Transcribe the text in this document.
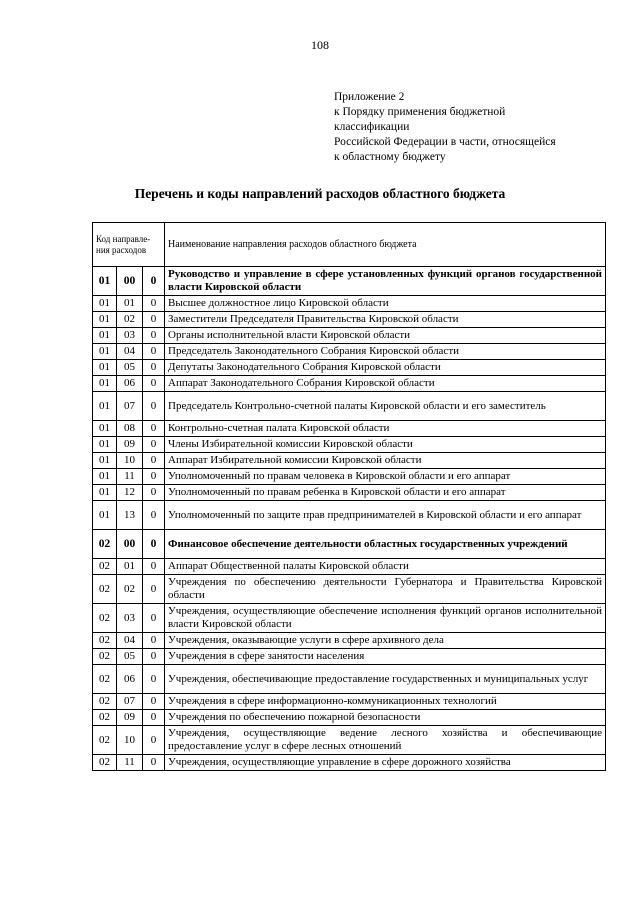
108
Приложение 2
к Порядку применения бюджетной
классификации
Российской Федерации в части, относящейся
к областному бюджету
Перечень и коды направлений расходов областного бюджета
Код направле-ния расходов			Наименование направления расходов областного бюджета
01	00	0	Руководство и управление в сфере установленных функций органов государственной власти Кировской области
01	01	0	Высшее должностное лицо Кировской области
01	02	0	Заместители Председателя Правительства Кировской области
01	03	0	Органы исполнительной власти Кировской области
01	04	0	Председатель Законодательного Собрания Кировской области
01	05	0	Депутаты Законодательного Собрания Кировской области
01	06	0	Аппарат Законодательного Собрания Кировской области
01	07	0	Председатель Контрольно-счетной палаты Кировской области и его заместитель
01	08	0	Контрольно-счетная палата Кировской области
01	09	0	Члены Избирательной комиссии Кировской области
01	10	0	Аппарат Избирательной комиссии Кировской области
01	11	0	Уполномоченный по правам человека в Кировской области и его аппарат
01	12	0	Уполномоченный по правам ребенка в Кировской области и его аппарат
01	13	0	Уполномоченный по защите прав предпринимателей в Кировской области и его аппарат
02	00	0	Финансовое обеспечение деятельности областных государственных учреждений
02	01	0	Аппарат Общественной палаты Кировской области
02	02	0	Учреждения по обеспечению деятельности Губернатора и Правительства Кировской области
02	03	0	Учреждения, осуществляющие обеспечение исполнения функций органов исполнительной власти Кировской области
02	04	0	Учреждения, оказывающие услуги в сфере архивного дела
02	05	0	Учреждения в сфере занятости населения
02	06	0	Учреждения, обеспечивающие предоставление государственных и муниципальных услуг
02	07	0	Учреждения в сфере информационно-коммуникационных технологий
02	09	0	Учреждения по обеспечению пожарной безопасности
02	10	0	Учреждения, осуществляющие ведение лесного хозяйства и обеспечивающие предоставление услуг в сфере лесных отношений
02	11	0	Учреждения, осуществляющие управление в сфере дорожного хозяйства
